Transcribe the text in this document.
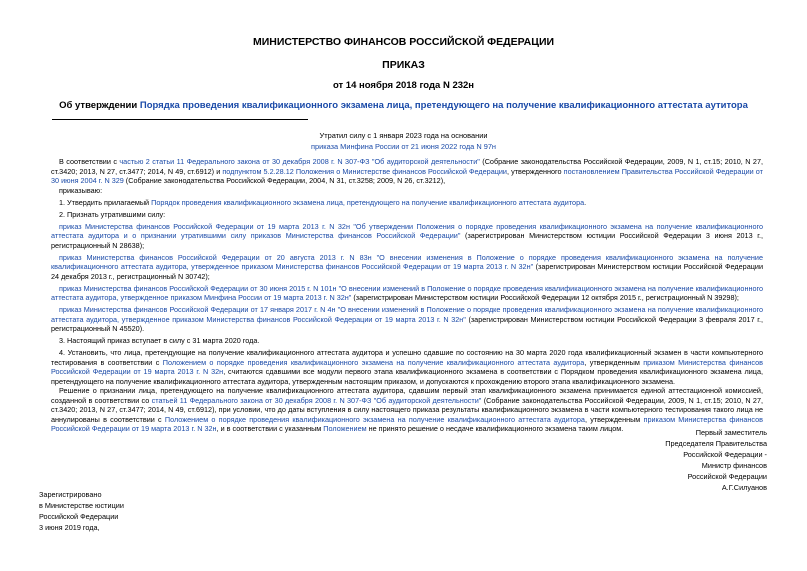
МИНИСТЕРСТВО ФИНАНСОВ РОССИЙСКОЙ ФЕДЕРАЦИИ
ПРИКАЗ
от 14 ноября 2018 года N 232н
Об утверждении Порядка проведения квалификационного экзамена лица, претендующего на получение квалификационного аттестата аутитора
Утратил силу с 1 января 2023 года на основании
приказа Минфина России от 21 июня 2022 года N 97н

В соответствии с частью 2 статьи 11 Федерального закона от 30 декабря 2008 г. N 307-ФЗ "Об аудиторской деятельности" (Собрание законодательства Российской Федерации, 2009, N 1, ст.15; 2010, N 27, ст.3420; 2013, N 27, ст.3477; 2014, N 49, ст.6912) и подпунктом 5.2.28.12 Положения о Министерстве финансов Российской Федерации, утвержденного постановлением Правительства Российской Федерации от 30 июня 2004 г. N 329 (Собрание законодательства Российской Федерации, 2004, N 31, ст.3258; 2009, N 26, ст.3212),

приказываю:

1. Утвердить прилагаемый Порядок проведения квалификационного экзамена лица, претендующего на получение квалификационного аттестата аудитора.

2. Признать утратившими силу:

приказ Министерства финансов Российской Федерации от 19 марта 2013 г. N 32н "Об утверждении Положения о порядке проведения квалификационного экзамена на получение квалификационного аттестата аудитора и о признании утратившими силу приказов Министерства финансов Российской Федерации" (зарегистрирован Министерством юстиции Российской Федерации 3 июня 2013 г., регистрационный N 28638);

приказ Министерства финансов Российской Федерации от 20 августа 2013 г. N 83н "О внесении изменения в Положение о порядке проведения квалификационного экзамена на получение квалификационного аттестата аудитора, утвержденное приказом Министерства финансов Российской Федерации от 19 марта 2013 г. N 32н" (зарегистрирован Министерством юстиции Российской Федерации 24 декабря 2013 г., регистрационный N 30742);

приказ Министерства финансов Российской Федерации от 30 июня 2015 г. N 101н "О внесении изменений в Положение о порядке проведения квалификационного экзамена на получение квалификационного аттестата аудитора, утвержденное приказом Минфина России от 19 марта 2013 г. N 32н" (зарегистрирован Министерством юстиции Российской Федерации 12 октября 2015 г., регистрационный N 39298);

приказ Министерства финансов Российской Федерации от 17 января 2017 г. N 4н "О внесении изменений в Положение о порядке проведения квалификационного экзамена на получение квалификационного аттестата аудитора, утвержденное приказом Министерства финансов Российской Федерации от 19 марта 2013 г. N 32н" (зарегистрирован Министерством юстиции Российской Федерации 3 февраля 2017 г., регистрационный N 45520).

3. Настоящий приказ вступает в силу с 31 марта 2020 года.

4. Установить, что лица, претендующие на получение квалификационного аттестата аудитора и успешно сдавшие по состоянию на 30 марта 2020 года квалификационный экзамен в части компьютерного тестирования в соответствии с Положением о порядке проведения квалификационного экзамена на получение квалификационного аттестата аудитора, утвержденным приказом Министерства финансов Российской Федерации от 19 марта 2013 г. N 32н, считаются сдавшими все модули первого этапа квалификационного экзамена в соответствии с Порядком проведения квалификационного экзамена лица, претендующего на получение квалификационного аттестата аудитора, утвержденным настоящим приказом, и допускаются к прохождению второго этапа квалификационного экзамена.

Решение о признании лица, претендующего на получение квалификационного аттестата аудитора, сдавшим первый этап квалификационного экзамена принимается единой аттестационной комиссией, созданной в соответствии со статьей 11 Федерального закона от 30 декабря 2008 г. N 307-ФЗ "Об аудиторской деятельности" (Собрание законодательства Российской Федерации, 2009, N 1, ст.15; 2010, N 27, ст.3420; 2013, N 27, ст.3477; 2014, N 49, ст.6912), при условии, что до даты вступления в силу настоящего приказа результаты квалификационного экзамена в части компьютерного тестирования такого лица не аннулированы в соответствии с Положением о порядке проведения квалификационного экзамена на получение квалификационного аттестата аудитора, утвержденным приказом Министерства финансов Российской Федерации от 19 марта 2013 г. N 32н, и в соответствии с указанным Положением не принято решение о несдаче квалификационного экзамена таким лицом.	Первый заместитель
Председателя Правительства
Российской Федерации -
Министр финансов
Российской Федерации
А.Г.Силуанов
Зарегистрировано
в Министерстве юстиции
Российской Федерации
3 июня 2019 года,
